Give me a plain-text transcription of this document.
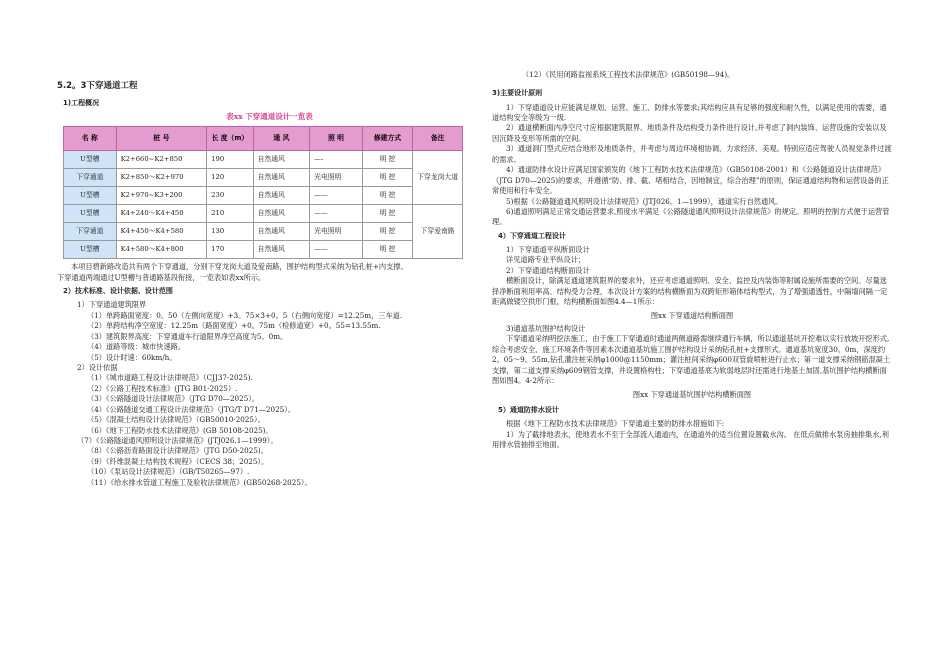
5.2。3下穿通道工程
1)工程概况
表xx 下穿通道设计一览表
名 称	桩 号	长 度（m）	通 风	照 明	修建方式	备注
U型槽	K2+660~K2+850	190	自然通风	—-	明 挖	下穿龙岗大道
下穿通道	K2+850～K2+970	120	自然通风	光电照明	明 挖	
U型槽	K2+970~K3+200	230	自然通风	——	明 挖	
U型槽	K4+240～K4+450	210	自然通风	——	明 挖	下穿爱南路
下穿通道	K4+450～K4+580	130	自然通风	光电照明	明 挖	
U型槽	K4+580～K4+800	170	自然通风	——	明 挖	
本项目碧新路改造共有两个下穿通道，分别下穿龙岗大道及爱南路，围护结构型式采纳为钻孔桩+内支撑。
下穿通道两端通过U型槽与普通路基段衔接，一览表如表xx所示。
2）技术标准、设计依据、设计范围
1）下穿通道建筑限界
（1）单跨路面宽度：0。50（左侧向宽度）+3。75×3+0。5（右侧向宽度）=12.25m，三车道.
（2）单跨结构净空宽度：12.25m（路面宽度）+0。75m（检修道宽）+0。55=13.55m.
（3）建筑限界高度：下穿通道车行道限界净空高度为5。0m。
（4）道路等级：城市快速路。
（5）设计时速：60km/h。
2）设计依据
（1）《城市道路工程设计法律规范》（CJJ37-2025).
（2）《公路工程技术标准》(JTG B01-2025）.
（3）《公路隧道设计法律规范》（JTG D70—2025）。
（4）《公路隧道交通工程设计法律规范》（JTG/T D71—2025）。
（5）《混凝土结构设计法律规范》（GB50010-2025）。
（6）《地下工程防水技术法律规范》(GB 50108-2025)。
（7）《公路隧道通风照明设计法律规范》(JTJ026.1—1999）。
（8）《公路沥青路面设计法律规范》（JTG D50-2025)。
（9）《纤维混凝土结构技术规程》（CECS 38；2025）。
（10）《泵站设计法律规范》（GB/T50265—97）.
（11）《给水排水管道工程施工及验收法律规范》(GB50268-2025）。
（12）《民用闭路监视系统工程技术法律规范》(GB50198—94)。
3)主要设计原则
1）下穿通道设计应能满足规划、运营、施工、防排水等要求;其结构应具有足够的强度和耐久性，以满足使用的需要，通道结构安全等级为一级.
2）通道横断面内净空尺寸应根据建筑限界、地质条件及结构受力条件进行设计,并考虑了洞内装饰、运营设施的安装以及因沉降及变形等所需的空间。
3）通道洞门型式应结合地形及地质条件，并考虑与周边环境相协调，力求经济、美观。特别应适应驾驶人员视觉条件过渡的需求。
4）通道防排水设计应满足国家颁发的《地下工程防水技术法律规范》（GB50108-2001）和《公路隧道设计法律规范》（JTG D70—2025)的要求，并遵循“防、排、截、堵相结合，因地制宜，综合治理”的原则，保证通道结构物和运营设备的正常使用和行车安全。
5)根据《公路隧道通风照明设计法律规范》(JTJ026。1—1999），通道实行自然通风。
6)通道照明满足正常交通运营要求,照度水平满足《公路隧道通风照明设计法律规范》的规定。照明的控制方式便于运营管理。
4）下穿通道工程设计
1）下穿通道平纵断面设计
详见道路专业平纵设计；
2）下穿通道结构断面设计
横断面设计，除满足通道建筑限界的要求外，还应考虑通道照明、安全、监控及内装饰等附属设施所需要的空间。尽量选择净断面利用率高、结构受力合理，本次设计方案的结构横断面为双跨矩形箱体结构型式，为了增强通透性，中隔墙间隔一定距离做镂空拱形门框，结构横断面如图4.4—1所示：
图xx 下穿通道结构断面图
3)通道基坑围护结构设计
下穿通道采纳明挖法施工，由于施工下穿通道时通道两侧道路需继续通行车辆，所以通道基坑开挖难以实行放坡开挖形式,综合考虑安全、施工环境条件等因素本次通道基坑施工围护结构设计采纳钻孔桩+支撑形式。通道基坑宽度30。0m，深度约2。05～9。55m,钻孔灌注桩采纳φ1000@1150mm；灌注桩间采纳φ600双管旋喷桩进行止水；第一道支撑采纳钢筋混凝土支撑，第二道支撑采纳φ609钢管支撑，并设置格构柱；下穿通道基底为软弱地层时还需进行地基土加固,基坑围护结构横断面图如图4。4-2所示：
图xx 下穿通道基坑围护结构横断面图
5）通道防排水设计
根据《地下工程防水技术法律规范》下穿通道主要的防排水措施如下:
1）为了截排地表水，使地表水不至于全部流入通道内，在通道外的适当位置设置截水沟。 在低点做排水泵房抽排集水,利用排水管抽排至地面。
